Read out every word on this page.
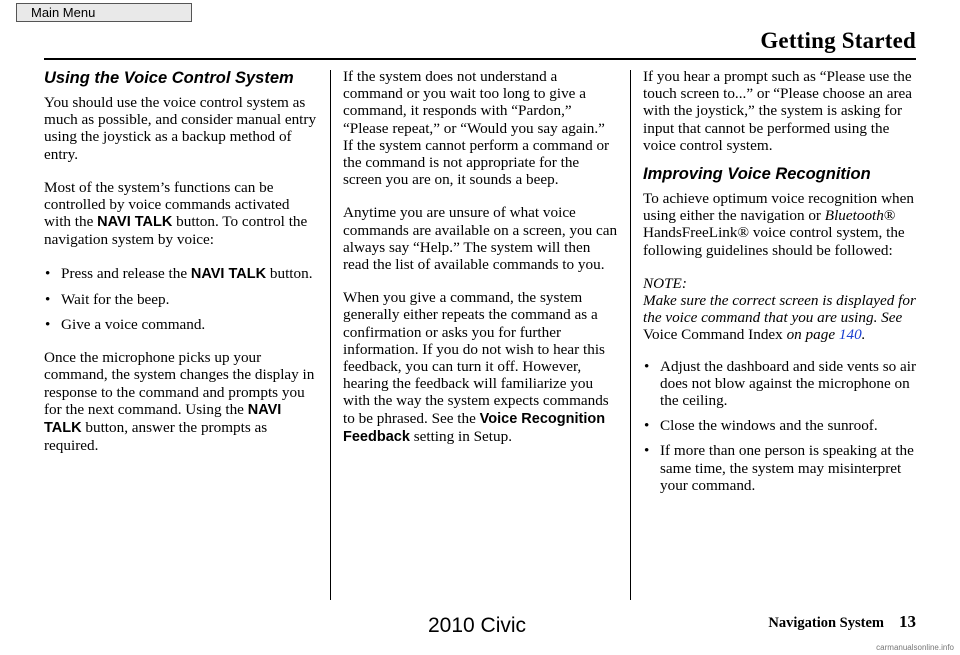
Main Menu
Getting Started
Using the Voice Control System

You should use the voice control system as much as possible, and consider manual entry using the joystick as a backup method of entry.

Most of the system’s functions can be controlled by voice commands activated with the NAVI TALK button. To control the navigation system by voice:

• Press and release the NAVI TALK button.
• Wait for the beep.
• Give a voice command.

Once the microphone picks up your command, the system changes the display in response to the command and prompts you for the next command. Using the NAVI TALK button, answer the prompts as required.

If the system does not understand a command or you wait too long to give a command, it responds with “Pardon,” “Please repeat,” or “Would you say again.” If the system cannot perform a command or the command is not appropriate for the screen you are on, it sounds a beep.

Anytime you are unsure of what voice commands are available on a screen, you can always say “Help.” The system will then read the list of available commands to you.

When you give a command, the system generally either repeats the command as a confirmation or asks you for further information. If you do not wish to hear this feedback, you can turn it off. However, hearing the feedback will familiarize you with the way the system expects commands to be phrased. See the Voice Recognition Feedback setting in Setup.

If you hear a prompt such as “Please use the touch screen to...” or “Please choose an area with the joystick,” the system is asking for input that cannot be performed using the voice control system.

Improving Voice Recognition

To achieve optimum voice recognition when using either the navigation or Bluetooth® HandsFreeLink® voice control system, the following guidelines should be followed:

NOTE:
Make sure the correct screen is displayed for the voice command that you are using. See Voice Command Index on page 140.

• Adjust the dashboard and side vents so air does not blow against the microphone on the ceiling.
• Close the windows and the sunroof.
• If more than one person is speaking at the same time, the system may misinterpret your command.
Navigation System 13
2010 Civic
carmanualsonline.info
